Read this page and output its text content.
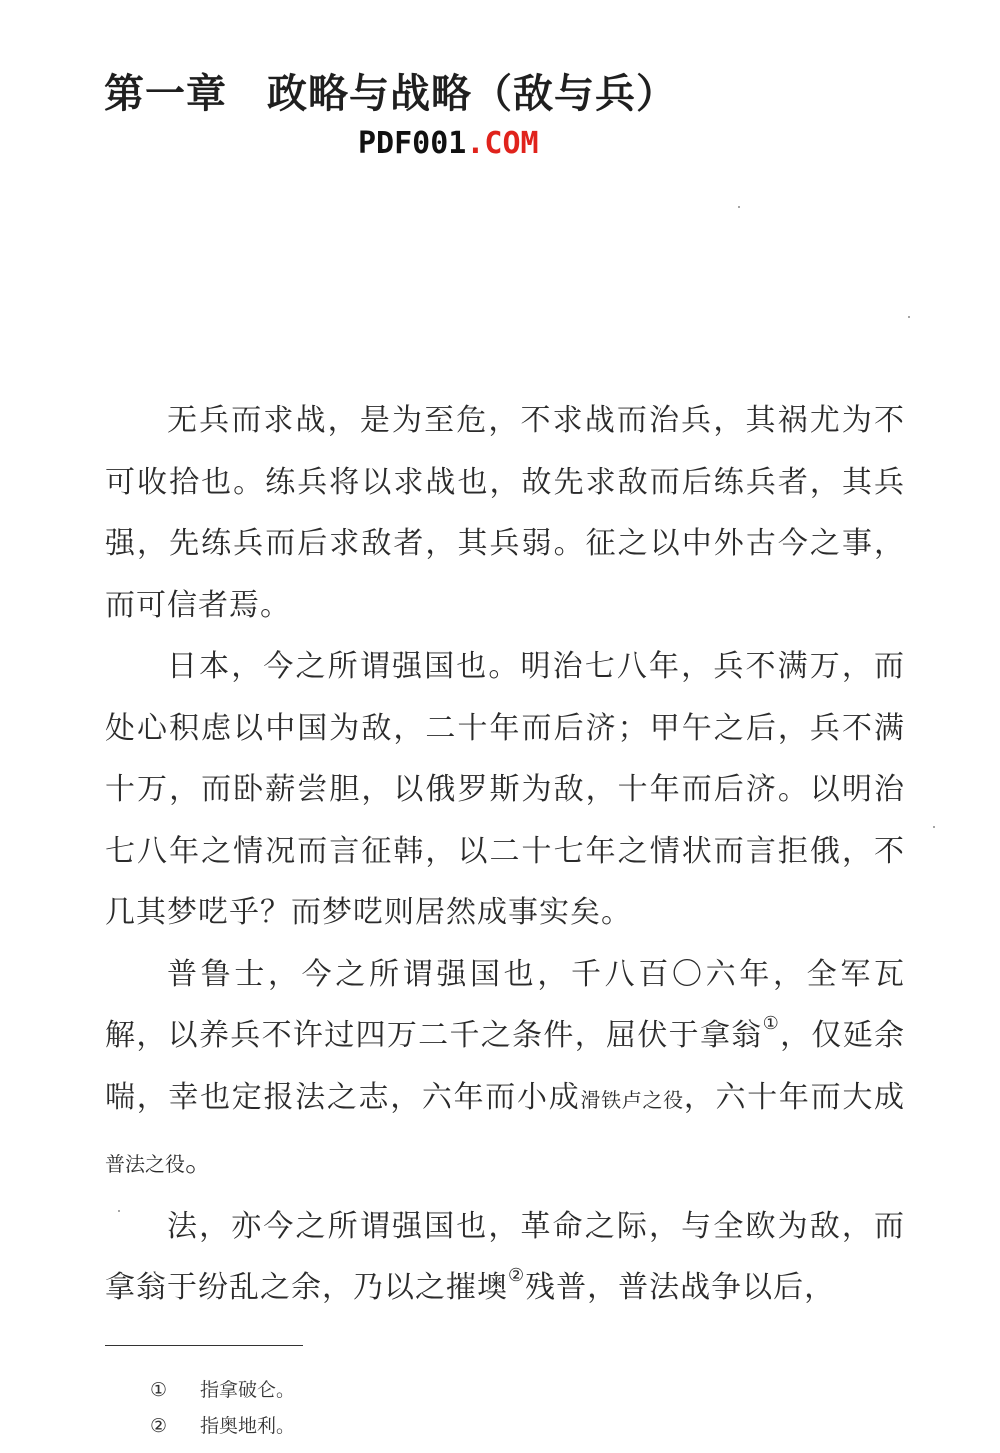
第一章 政略与战略（敌与兵）
PDF001.COM

无兵而求战，是为至危，不求战而治兵，其祸尤为不可收拾也。练兵将以求战也，故先求敌而后练兵者，其兵强，先练兵而后求敌者，其兵弱。征之以中外古今之事，而可信者焉。

日本，今之所谓强国也。明治七八年，兵不满万，而处心积虑以中国为敌，二十年而后济；甲午之后，兵不满十万，而卧薪尝胆，以俄罗斯为敌，十年而后济。以明治七八年之情况而言征韩，以二十七年之情状而言拒俄，不几其梦呓乎？而梦呓则居然成事实矣。

普鲁士，今之所谓强国也，千八百〇六年，全军瓦解，以养兵不许过四万二千之条件，屈伏于拿翁①，仅延余喘，幸也定报法之志，六年而小成滑铁卢之役，六十年而大成普法之役。

法，亦今之所谓强国也，革命之际，与全欧为敌，而拿翁于纷乱之余，乃以之摧墺②残普，普法战争以后，

① 指拿破仑。
② 指奥地利。
